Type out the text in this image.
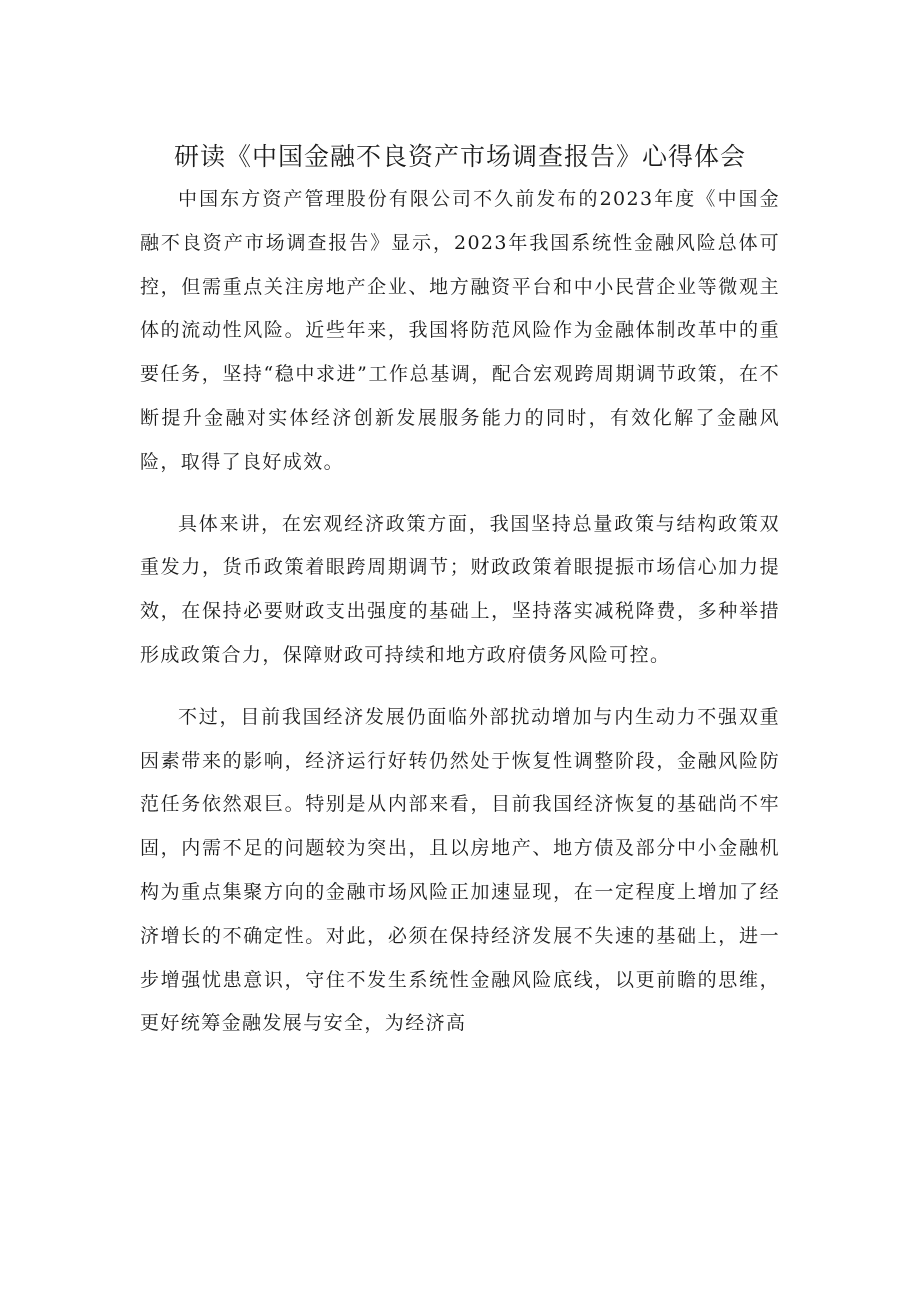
研读《中国金融不良资产市场调查报告》心得体会

中国东方资产管理股份有限公司不久前发布的2023年度《中国金融不良资产市场调查报告》显示，2023年我国系统性金融风险总体可控，但需重点关注房地产企业、地方融资平台和中小民营企业等微观主体的流动性风险。近些年来，我国将防范风险作为金融体制改革中的重要任务，坚持“稳中求进”工作总基调，配合宏观跨周期调节政策，在不断提升金融对实体经济创新发展服务能力的同时，有效化解了金融风险，取得了良好成效。

具体来讲，在宏观经济政策方面，我国坚持总量政策与结构政策双重发力，货币政策着眼跨周期调节；财政政策着眼提振市场信心加力提效，在保持必要财政支出强度的基础上，坚持落实减税降费，多种举措形成政策合力，保障财政可持续和地方政府债务风险可控。

不过，目前我国经济发展仍面临外部扰动增加与内生动力不强双重因素带来的影响，经济运行好转仍然处于恢复性调整阶段，金融风险防范任务依然艰巨。特别是从内部来看，目前我国经济恢复的基础尚不牢固，内需不足的问题较为突出，且以房地产、地方债及部分中小金融机构为重点集聚方向的金融市场风险正加速显现，在一定程度上增加了经济增长的不确定性。对此，必须在保持经济发展不失速的基础上，进一步增强忧患意识，守住不发生系统性金融风险底线，以更前瞻的思维，更好统筹金融发展与安全，为经济高
